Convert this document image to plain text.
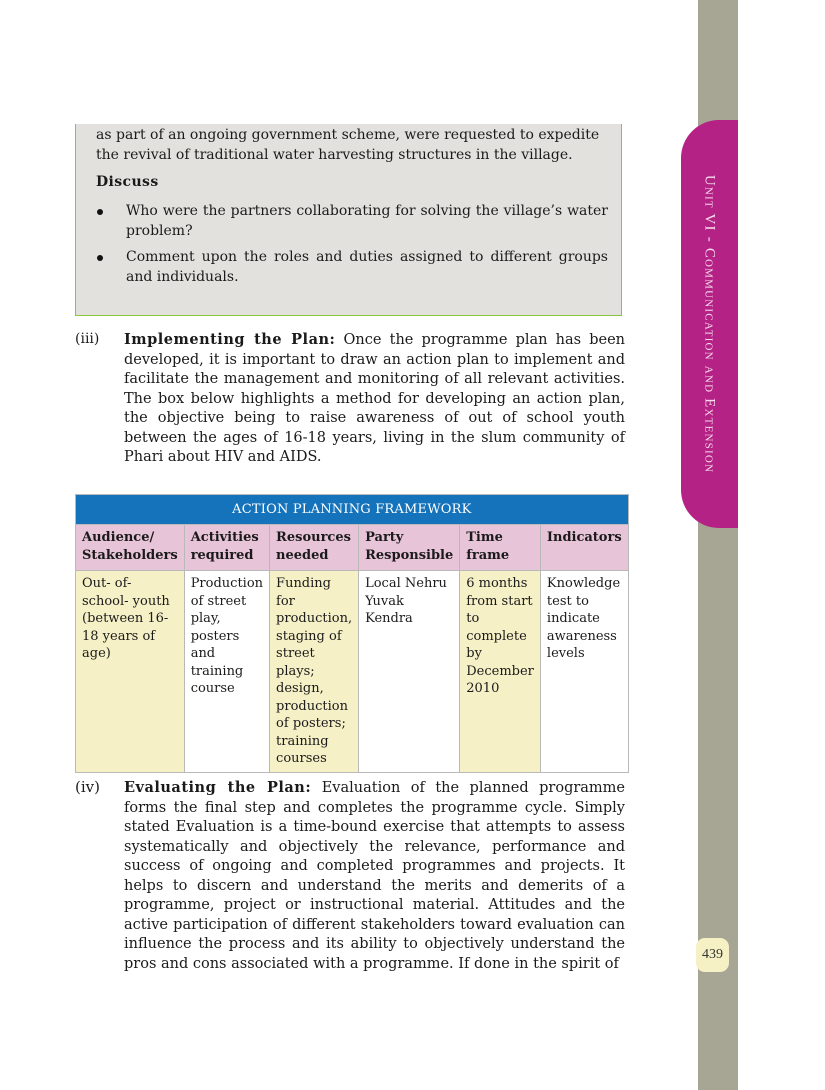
Unit VI - Communication and Extension
439

as part of an ongoing government scheme, were requested to expedite the revival of traditional water harvesting structures in the village.

Discuss

Who were the partners collaborating for solving the village’s water problem?
Comment upon the roles and duties assigned to different groups and individuals.
(iii) Implementing the Plan: Once the programme plan has been developed, it is important to draw an action plan to implement and facilitate the management and monitoring of all relevant activities. The box below highlights a method for developing an action plan, the objective being to raise awareness of out of school youth between the ages of 16-18 years, living in the slum community of Phari about HIV and AIDS.

ACTION PLANNING FRAMEWORK					
Audience/ Stakeholders	Activities required	Resources needed	Party Responsible	Time frame	Indicators
Out- of-school- youth (between 16-18 years of age)	Production of street play, posters and training course	Funding for production, staging of street plays; design, production of posters; training courses	Local Nehru Yuvak Kendra	6 months from start to complete by December 2010	Knowledge test to indicate awareness levels
(iv) Evaluating the Plan: Evaluation of the planned programme forms the final step and completes the programme cycle. Simply stated Evaluation is a time-bound exercise that attempts to assess systematically and objectively the relevance, performance and success of ongoing and completed programmes and projects. It helps to discern and understand the merits and demerits of a programme, project or instructional material. Attitudes and the active participation of different stakeholders toward evaluation can influence the process and its ability to objectively understand the pros and cons associated with a programme. If done in the spirit of
